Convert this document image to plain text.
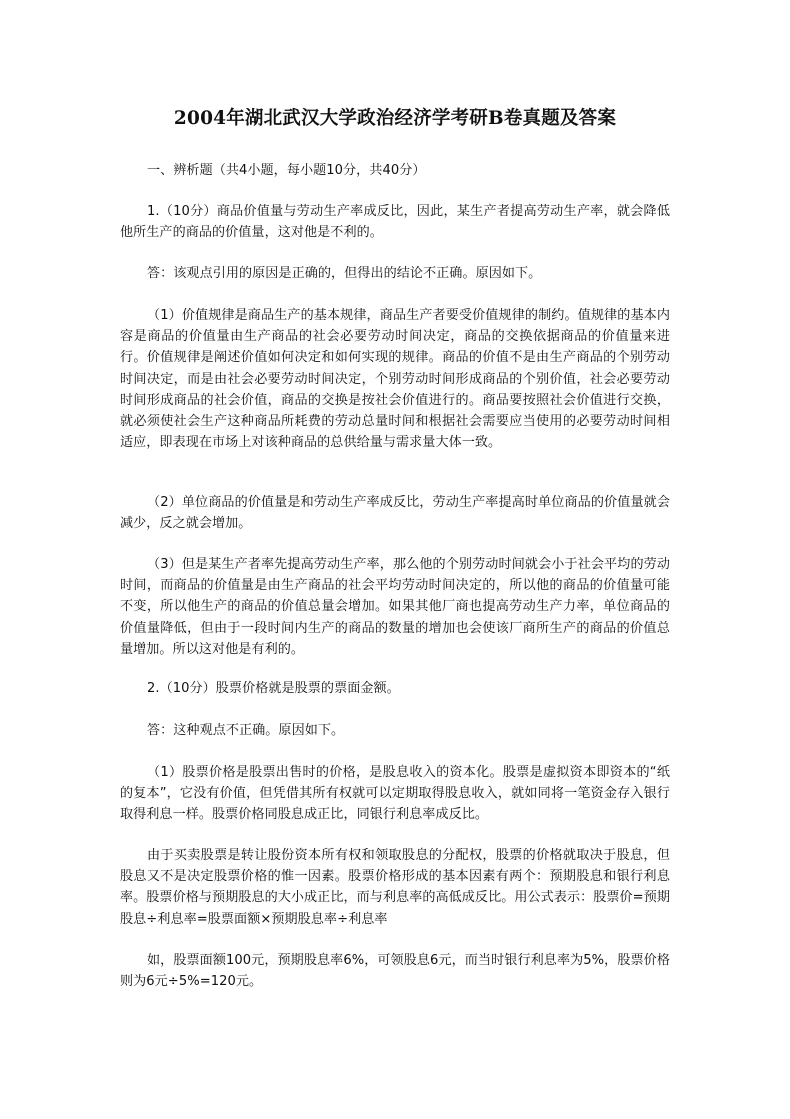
2004年湖北武汉大学政治经济学考研B卷真题及答案

一、辨析题（共4小题，每小题10分，共40分）

1.（10分）商品价值量与劳动生产率成反比，因此，某生产者提高劳动生产率，就会降低他所生产的商品的价值量，这对他是不利的。

答：该观点引用的原因是正确的，但得出的结论不正确。原因如下。

（1）价值规律是商品生产的基本规律，商品生产者要受价值规律的制约。值规律的基本内容是商品的价值量由生产商品的社会必要劳动时间决定，商品的交换依据商品的价值量来进行。价值规律是阐述价值如何决定和如何实现的规律。商品的价值不是由生产商品的个别劳动时间决定，而是由社会必要劳动时间决定，个别劳动时间形成商品的个别价值，社会必要劳动时间形成商品的社会价值，商品的交换是按社会价值进行的。商品要按照社会价值进行交换，就必须使社会生产这种商品所耗费的劳动总量时间和根据社会需要应当使用的必要劳动时间相适应，即表现在市场上对该种商品的总供给量与需求量大体一致。

（2）单位商品的价值量是和劳动生产率成反比，劳动生产率提高时单位商品的价值量就会减少，反之就会增加。

（3）但是某生产者率先提高劳动生产率，那么他的个别劳动时间就会小于社会平均的劳动时间，而商品的价值量是由生产商品的社会平均劳动时间决定的，所以他的商品的价值量可能不变，所以他生产的商品的价值总量会增加。如果其他厂商也提高劳动生产力率，单位商品的价值量降低，但由于一段时间内生产的商品的数量的增加也会使该厂商所生产的商品的价值总量增加。所以这对他是有利的。

2.（10分）股票价格就是股票的票面金额。

答：这种观点不正确。原因如下。

（1）股票价格是股票出售时的价格，是股息收入的资本化。股票是虚拟资本即资本的“纸的复本”，它没有价值，但凭借其所有权就可以定期取得股息收入，就如同将一笔资金存入银行取得利息一样。股票价格同股息成正比，同银行利息率成反比。

由于买卖股票是转让股份资本所有权和领取股息的分配权，股票的价格就取决于股息，但股息又不是决定股票价格的惟一因素。股票价格形成的基本因素有两个：预期股息和银行利息率。股票价格与预期股息的大小成正比，而与利息率的高低成反比。用公式表示：股票价=预期股息÷利息率=股票面额×预期股息率÷利息率

如，股票面额100元，预期股息率6%，可领股息6元，而当时银行利息率为5%，股票价格则为6元÷5%=120元。
